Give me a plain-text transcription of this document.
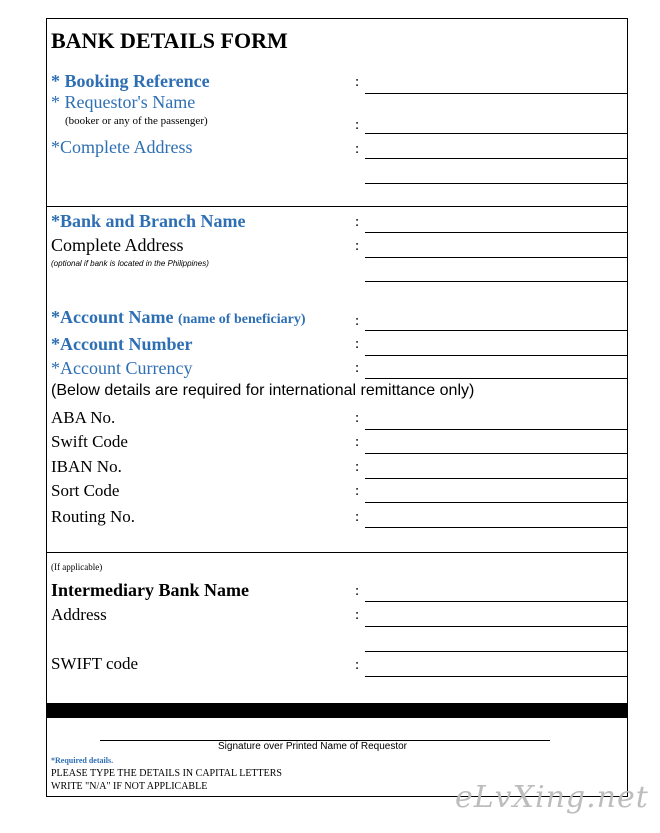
BANK DETAILS FORM
* Booking Reference	:
* Requestor's Name
(booker or any of the passenger)	:
*Complete Address	:
*Bank and Branch Name	:
Complete Address
(optional if bank is located in the Philippines)
:
*Account Name (name of beneficiary)	:
*Account Number	:
*Account Currency	:
(Below details are required for international remittance only)
ABA No.	:
Swift Code	:
IBAN No.	:
Sort Code	:
Routing No.	:
(If applicable)
Intermediary Bank Name	:
Address	:
SWIFT code	:
Signature over Printed Name of Requestor
*Required details.
PLEASE TYPE THE DETAILS IN CAPITAL LETTERS
WRITE "N/A" IF NOT APPLICABLE	eLvXing.net
